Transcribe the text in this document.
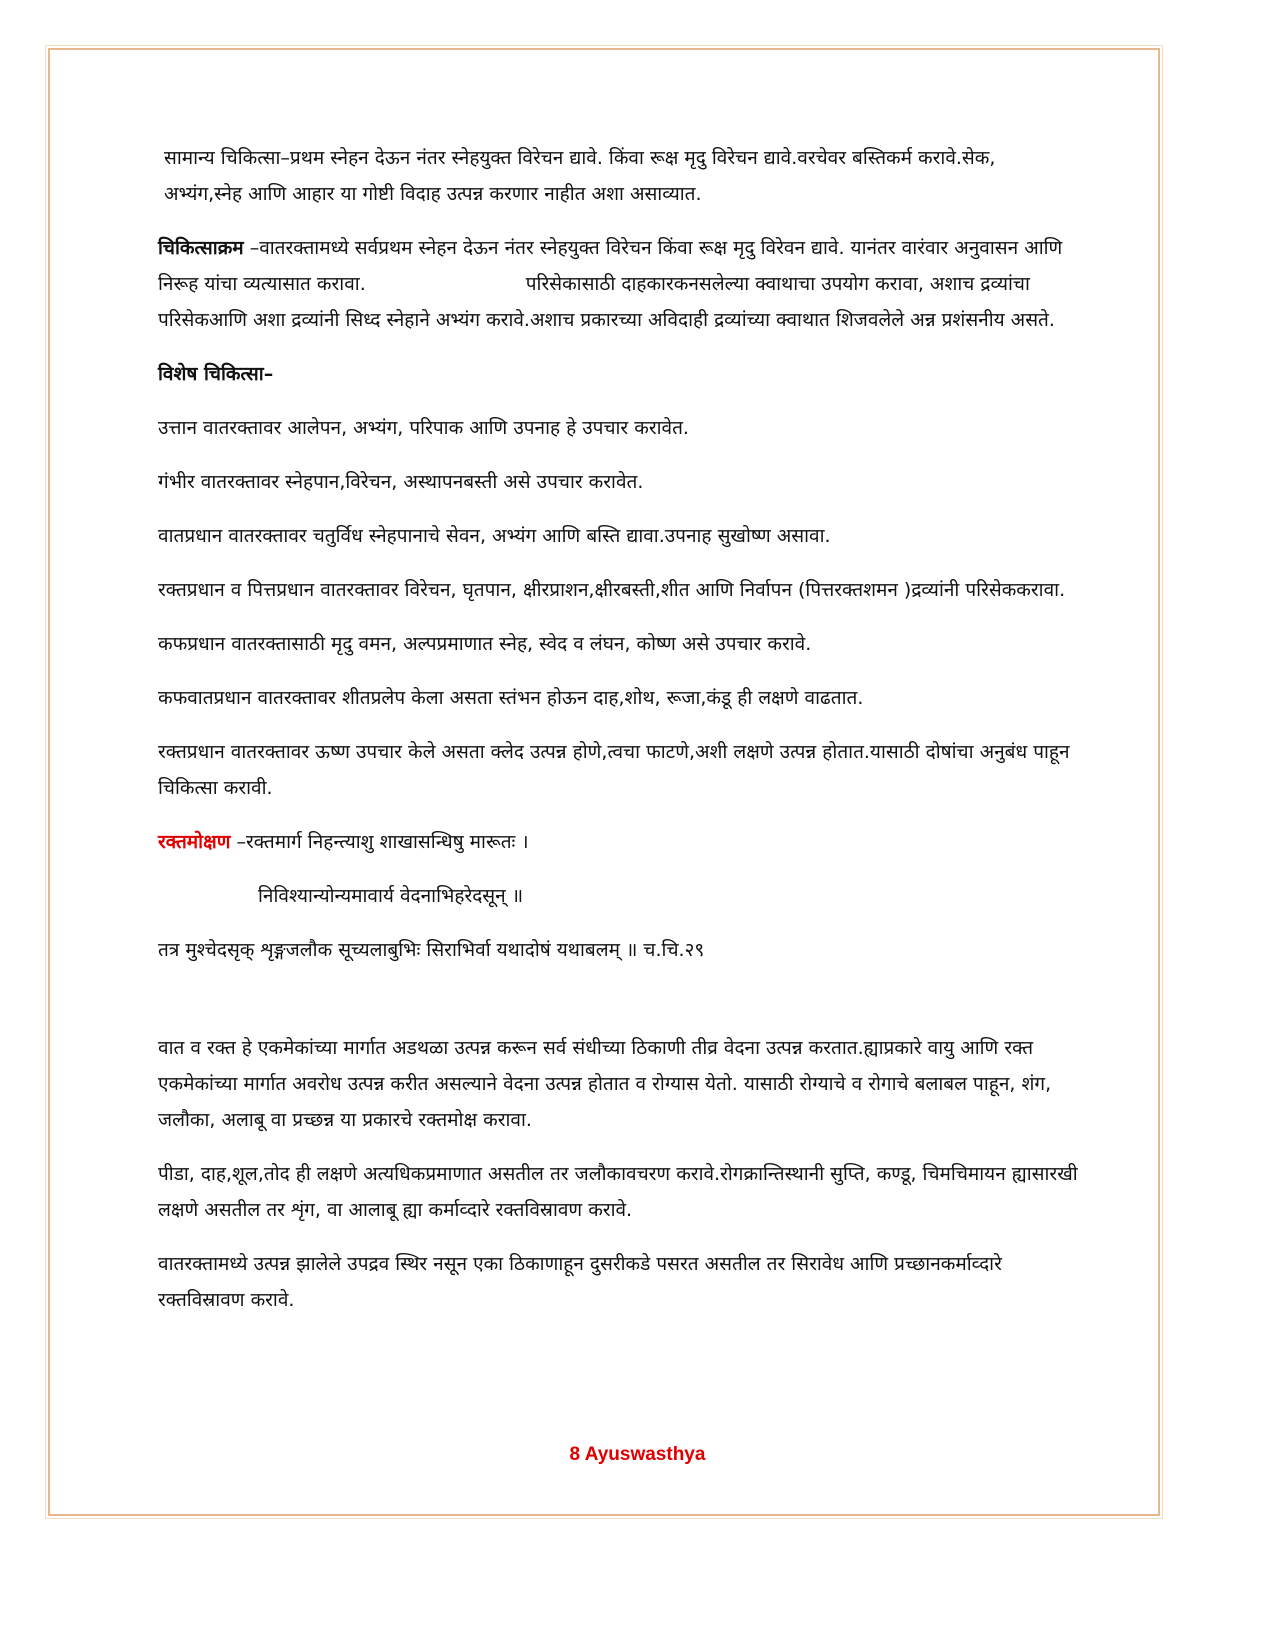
सामान्य चिकित्सा–प्रथम स्नेहन देऊन नंतर स्नेहयुक्त विरेचन द्यावे. किंवा रूक्ष मृदु विरेचन द्यावे.वरचेवर बस्तिकर्म करावे.सेक, अभ्यंग,स्नेह आणि आहार या गोष्टी विदाह उत्पन्न करणार नाहीत अशा असाव्यात.

चिकित्साक्रम –वातरक्तामध्ये सर्वप्रथम स्नेहन देऊन नंतर स्नेहयुक्त विरेचन किंवा रूक्ष मृदु विरेवन द्यावे. यानंतर वारंवार अनुवासन आणि निरूह यांचा व्यत्यासात करावा.	परिसेकासाठी दाहकारकनसलेल्या क्वाथाचा उपयोग करावा, अशाच द्रव्यांचा परिसेकआणि अशा द्रव्यांनी सिध्द स्नेहाने अभ्यंग करावे.अशाच प्रकारच्या अविदाही द्रव्यांच्या क्वाथात शिजवलेले अन्न प्रशंसनीय असते.

विशेष चिकित्सा–

उत्तान वातरक्तावर आलेपन, अभ्यंग, परिपाक आणि उपनाह हे उपचार करावेत.

गंभीर वातरक्तावर स्नेहपान,विरेचन, अस्थापनबस्ती असे उपचार करावेत.

वातप्रधान वातरक्तावर चतुर्विध स्नेहपानाचे सेवन, अभ्यंग आणि बस्ति द्यावा.उपनाह सुखोष्ण असावा.

रक्तप्रधान व पित्तप्रधान वातरक्तावर विरेचन, घृतपान, क्षीरप्राशन,क्षीरबस्ती,शीत आणि निर्वापन (पित्तरक्तशमन )द्रव्यांनी परिसेककरावा.

कफप्रधान वातरक्तासाठी मृदु वमन, अल्पप्रमाणात स्नेह, स्वेद व लंघन, कोष्ण असे उपचार करावे.

कफवातप्रधान वातरक्तावर शीतप्रलेप केला असता स्तंभन होऊन दाह,शोथ, रूजा,कंडू ही लक्षणे वाढतात.

रक्तप्रधान वातरक्तावर ऊष्ण उपचार केले असता क्लेद उत्पन्न होणे,त्वचा फाटणे,अशी लक्षणे उत्पन्न होतात.यासाठी दोषांचा अनुबंध पाहून चिकित्सा करावी.

रक्तमोक्षण –रक्तमार्ग निहन्त्याशु शाखासन्धिषु मारूतः ।

निविश्यान्योन्यमावार्य वेदनाभिहरेदसून् ॥

तत्र मुश्चेदसृक् शृङ्गजलौक सूच्यलाबुभिः सिराभिर्वा यथादोषं यथाबलम् ॥ च.चि.२९

वात व रक्त हे एकमेकांच्या मार्गात अडथळा उत्पन्न करून सर्व संधीच्या ठिकाणी तीव्र वेदना उत्पन्न करतात.ह्याप्रकारे वायु आणि रक्त एकमेकांच्या मार्गात अवरोध उत्पन्न करीत असल्याने वेदना उत्पन्न होतात व रोग्यास येतो. यासाठी रोग्याचे व रोगाचे बलाबल पाहून, शंग, जलौका, अलाबू वा प्रच्छन्न या प्रकारचे रक्तमोक्ष करावा.

पीडा, दाह,शूल,तोद ही लक्षणे अत्यधिकप्रमाणात असतील तर जलौकावचरण करावे.रोगक्रान्तिस्थानी सुप्ति, कण्डू, चिमचिमायन ह्यासारखी लक्षणे असतील तर शृंग, वा आलाबू ह्या कर्माव्दारे रक्तविस्रावण करावे.

वातरक्तामध्ये उत्पन्न झालेले उपद्रव स्थिर नसून एका ठिकाणाहून दुसरीकडे पसरत असतील तर सिरावेध आणि प्रच्छानकर्माव्दारे रक्तविस्रावण करावे.

8 Ayuswasthya
